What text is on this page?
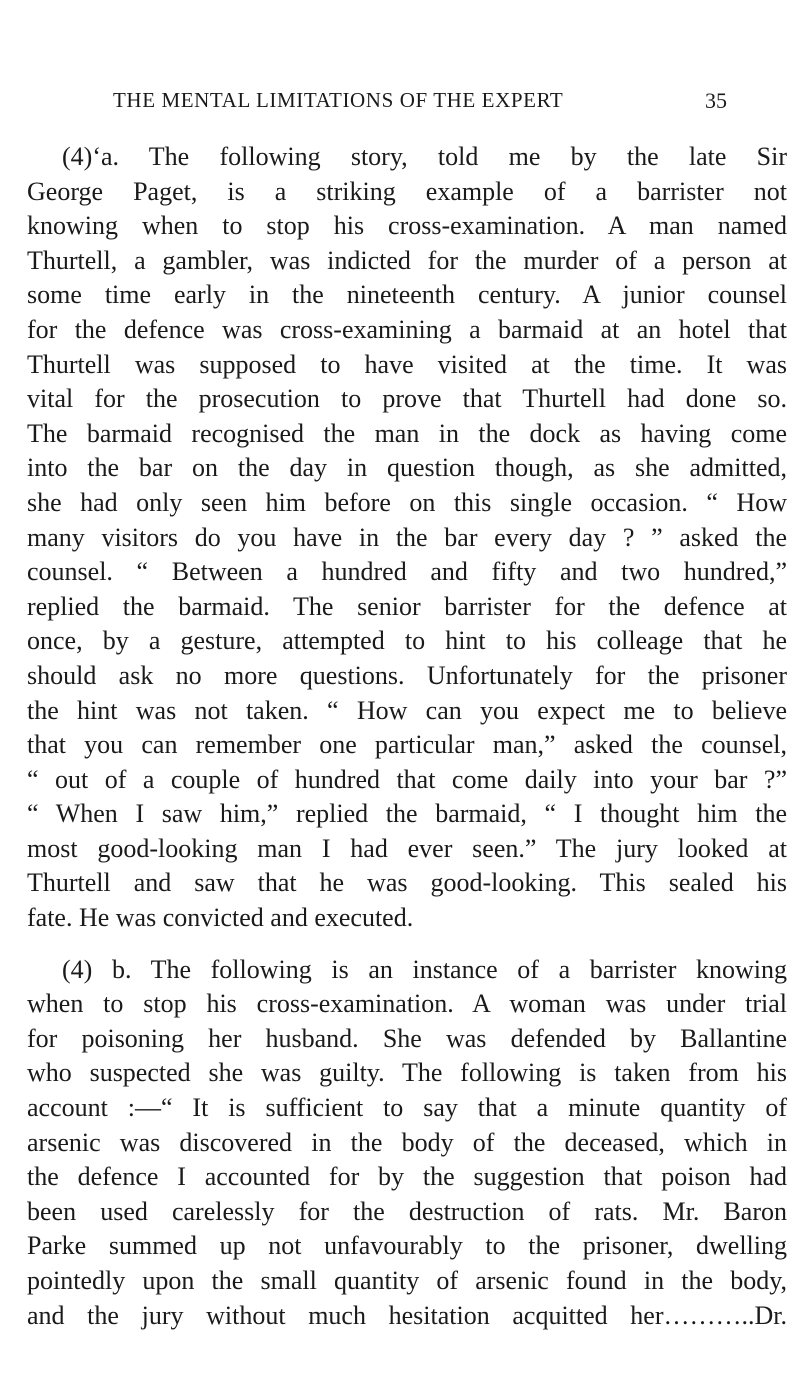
THE MENTAL LIMITATIONS OF THE EXPERT	35
(4)‘a. The following story, told me by the late Sir
George Paget, is a striking example of a barrister not
knowing when to stop his cross-examination. A man named
Thurtell, a gambler, was indicted for the murder of a person at
some time early in the nineteenth century. A junior counsel
for the defence was cross-examining a barmaid at an hotel that
Thurtell was supposed to have visited at the time. It was
vital for the prosecution to prove that Thurtell had done so.
The barmaid recognised the man in the dock as having come
into the bar on the day in question though, as she admitted,
she had only seen him before on this single occasion. “ How
many visitors do you have in the bar every day ? ” asked the
counsel. “ Between a hundred and fifty and two hundred,”
replied the barmaid. The senior barrister for the defence at
once, by a gesture, attempted to hint to his colleage that he
should ask no more questions. Unfortunately for the prisoner
the hint was not taken. “ How can you expect me to believe
that you can remember one particular man,” asked the counsel,
“ out of a couple of hundred that come daily into your bar ?”
“ When I saw him,” replied the barmaid, “ I thought him the
most good-looking man I had ever seen.” The jury looked at
Thurtell and saw that he was good-looking. This sealed his
fate. He was convicted and executed.
(4) b. The following is an instance of a barrister knowing
when to stop his cross-examination. A woman was under trial
for poisoning her husband. She was defended by Ballantine
who suspected she was guilty. The following is taken from his
account :—“ It is sufficient to say that a minute quantity of
arsenic was discovered in the body of the deceased, which in
the defence I accounted for by the suggestion that poison had
been used carelessly for the destruction of rats. Mr. Baron
Parke summed up not unfavourably to the prisoner, dwelling
pointedly upon the small quantity of arsenic found in the body,
and the jury without much hesitation acquitted her………..Dr.
